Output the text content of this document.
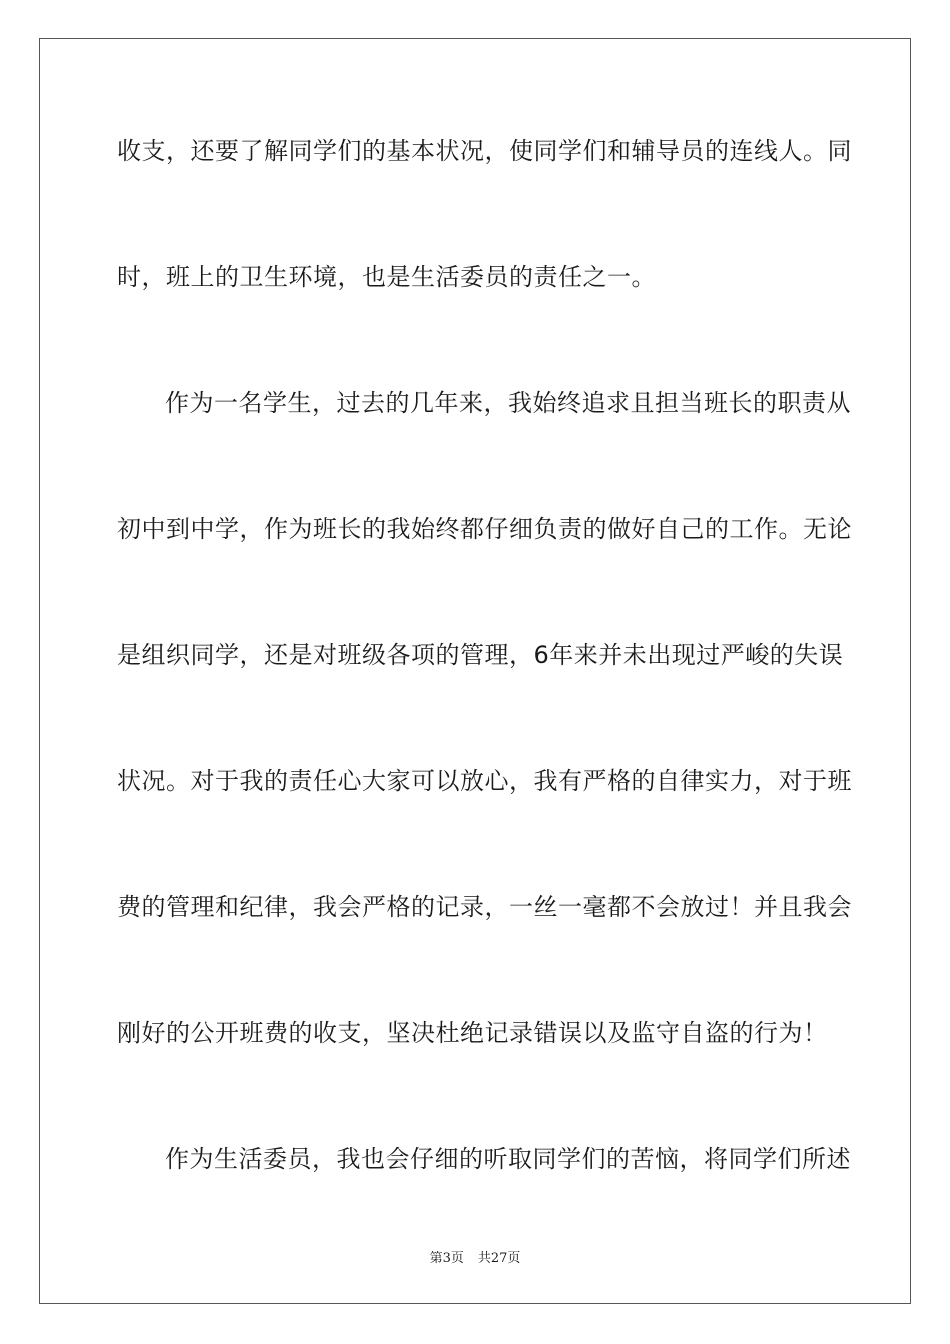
收支，还要了解同学们的基本状况，使同学们和辅导员的连线人。同
时，班上的卫生环境，也是生活委员的责任之一。
作为一名学生，过去的几年来，我始终追求且担当班长的职责从
初中到中学，作为班长的我始终都仔细负责的做好自己的工作。无论
是组织同学，还是对班级各项的管理，6年来并未出现过严峻的失误
状况。对于我的责任心大家可以放心，我有严格的自律实力，对于班
费的管理和纪律，我会严格的记录，一丝一毫都不会放过！并且我会
刚好的公开班费的收支，坚决杜绝记录错误以及监守自盗的行为！
作为生活委员，我也会仔细的听取同学们的苦恼，将同学们所述
第3页 共27页
